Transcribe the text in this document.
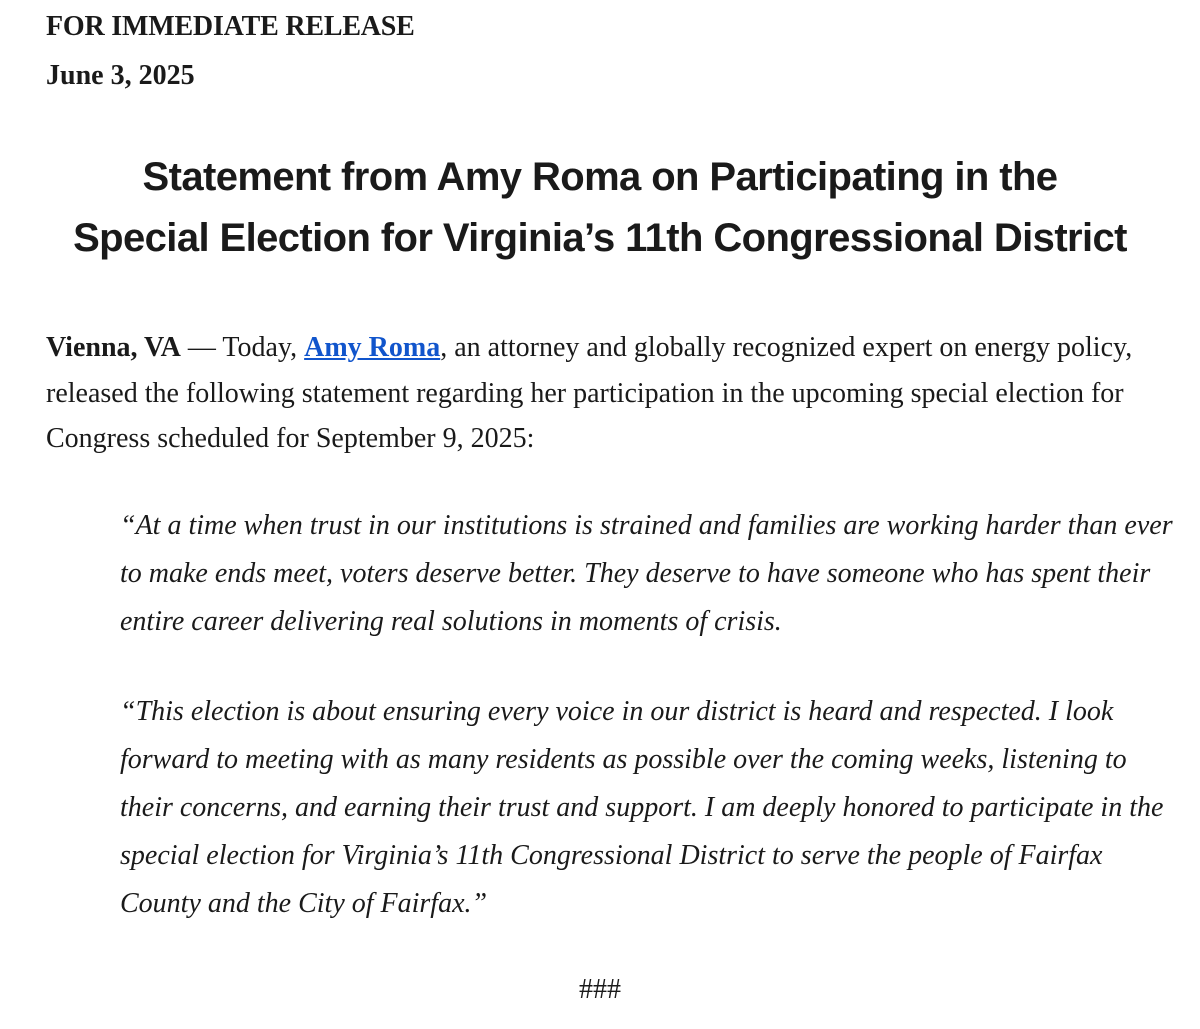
FOR IMMEDIATE RELEASE
June 3, 2025
Statement from Amy Roma on Participating in the
Special Election for Virginia’s 11th Congressional District

Vienna, VA — Today, Amy Roma, an attorney and globally recognized expert on energy policy, released the following statement regarding her participation in the upcoming special election for Congress scheduled for September 9, 2025:

“At a time when trust in our institutions is strained and families are working harder than ever to make ends meet, voters deserve better. They deserve to have someone who has spent their entire career delivering real solutions in moments of crisis.

“This election is about ensuring every voice in our district is heard and respected. I look forward to meeting with as many residents as possible over the coming weeks, listening to their concerns, and earning their trust and support. I am deeply honored to participate in the special election for Virginia’s 11th Congressional District to serve the people of Fairfax County and the City of Fairfax.”

###
